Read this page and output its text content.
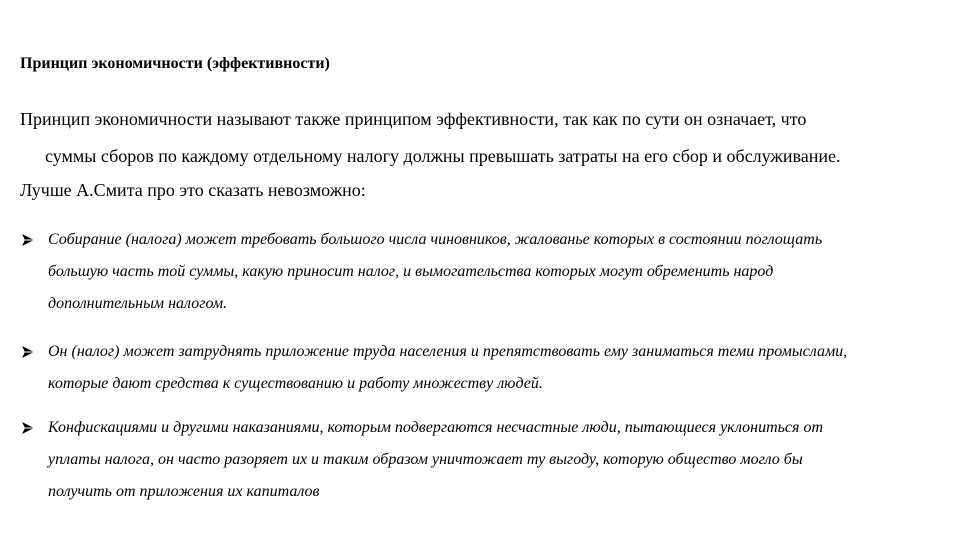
Принцип экономичности (эффективности)
Принцип экономичности называют также принципом эффективности, так как по сути он означает, что
суммы сборов по каждому отдельному налогу должны превышать затраты на его сбор и обслуживание.
Лучше А.Смита про это сказать невозможно:
Собирание (налога) может требовать большого числа чиновников, жалованье которых в состоянии поглощать
большую часть той суммы, какую приносит налог, и вымогательства которых могут обременить народ
дополнительным налогом.
Он (налог) может затруднять приложение труда населения и препятствовать ему заниматься теми промыслами,
которые дают средства к существованию и работу множеству людей.
Конфискациями и другими наказаниями, которым подвергаются несчастные люди, пытающиеся уклониться от
уплаты налога, он часто разоряет их и таким образом уничтожает ту выгоду, которую общество могло бы
получить от приложения их капиталов
